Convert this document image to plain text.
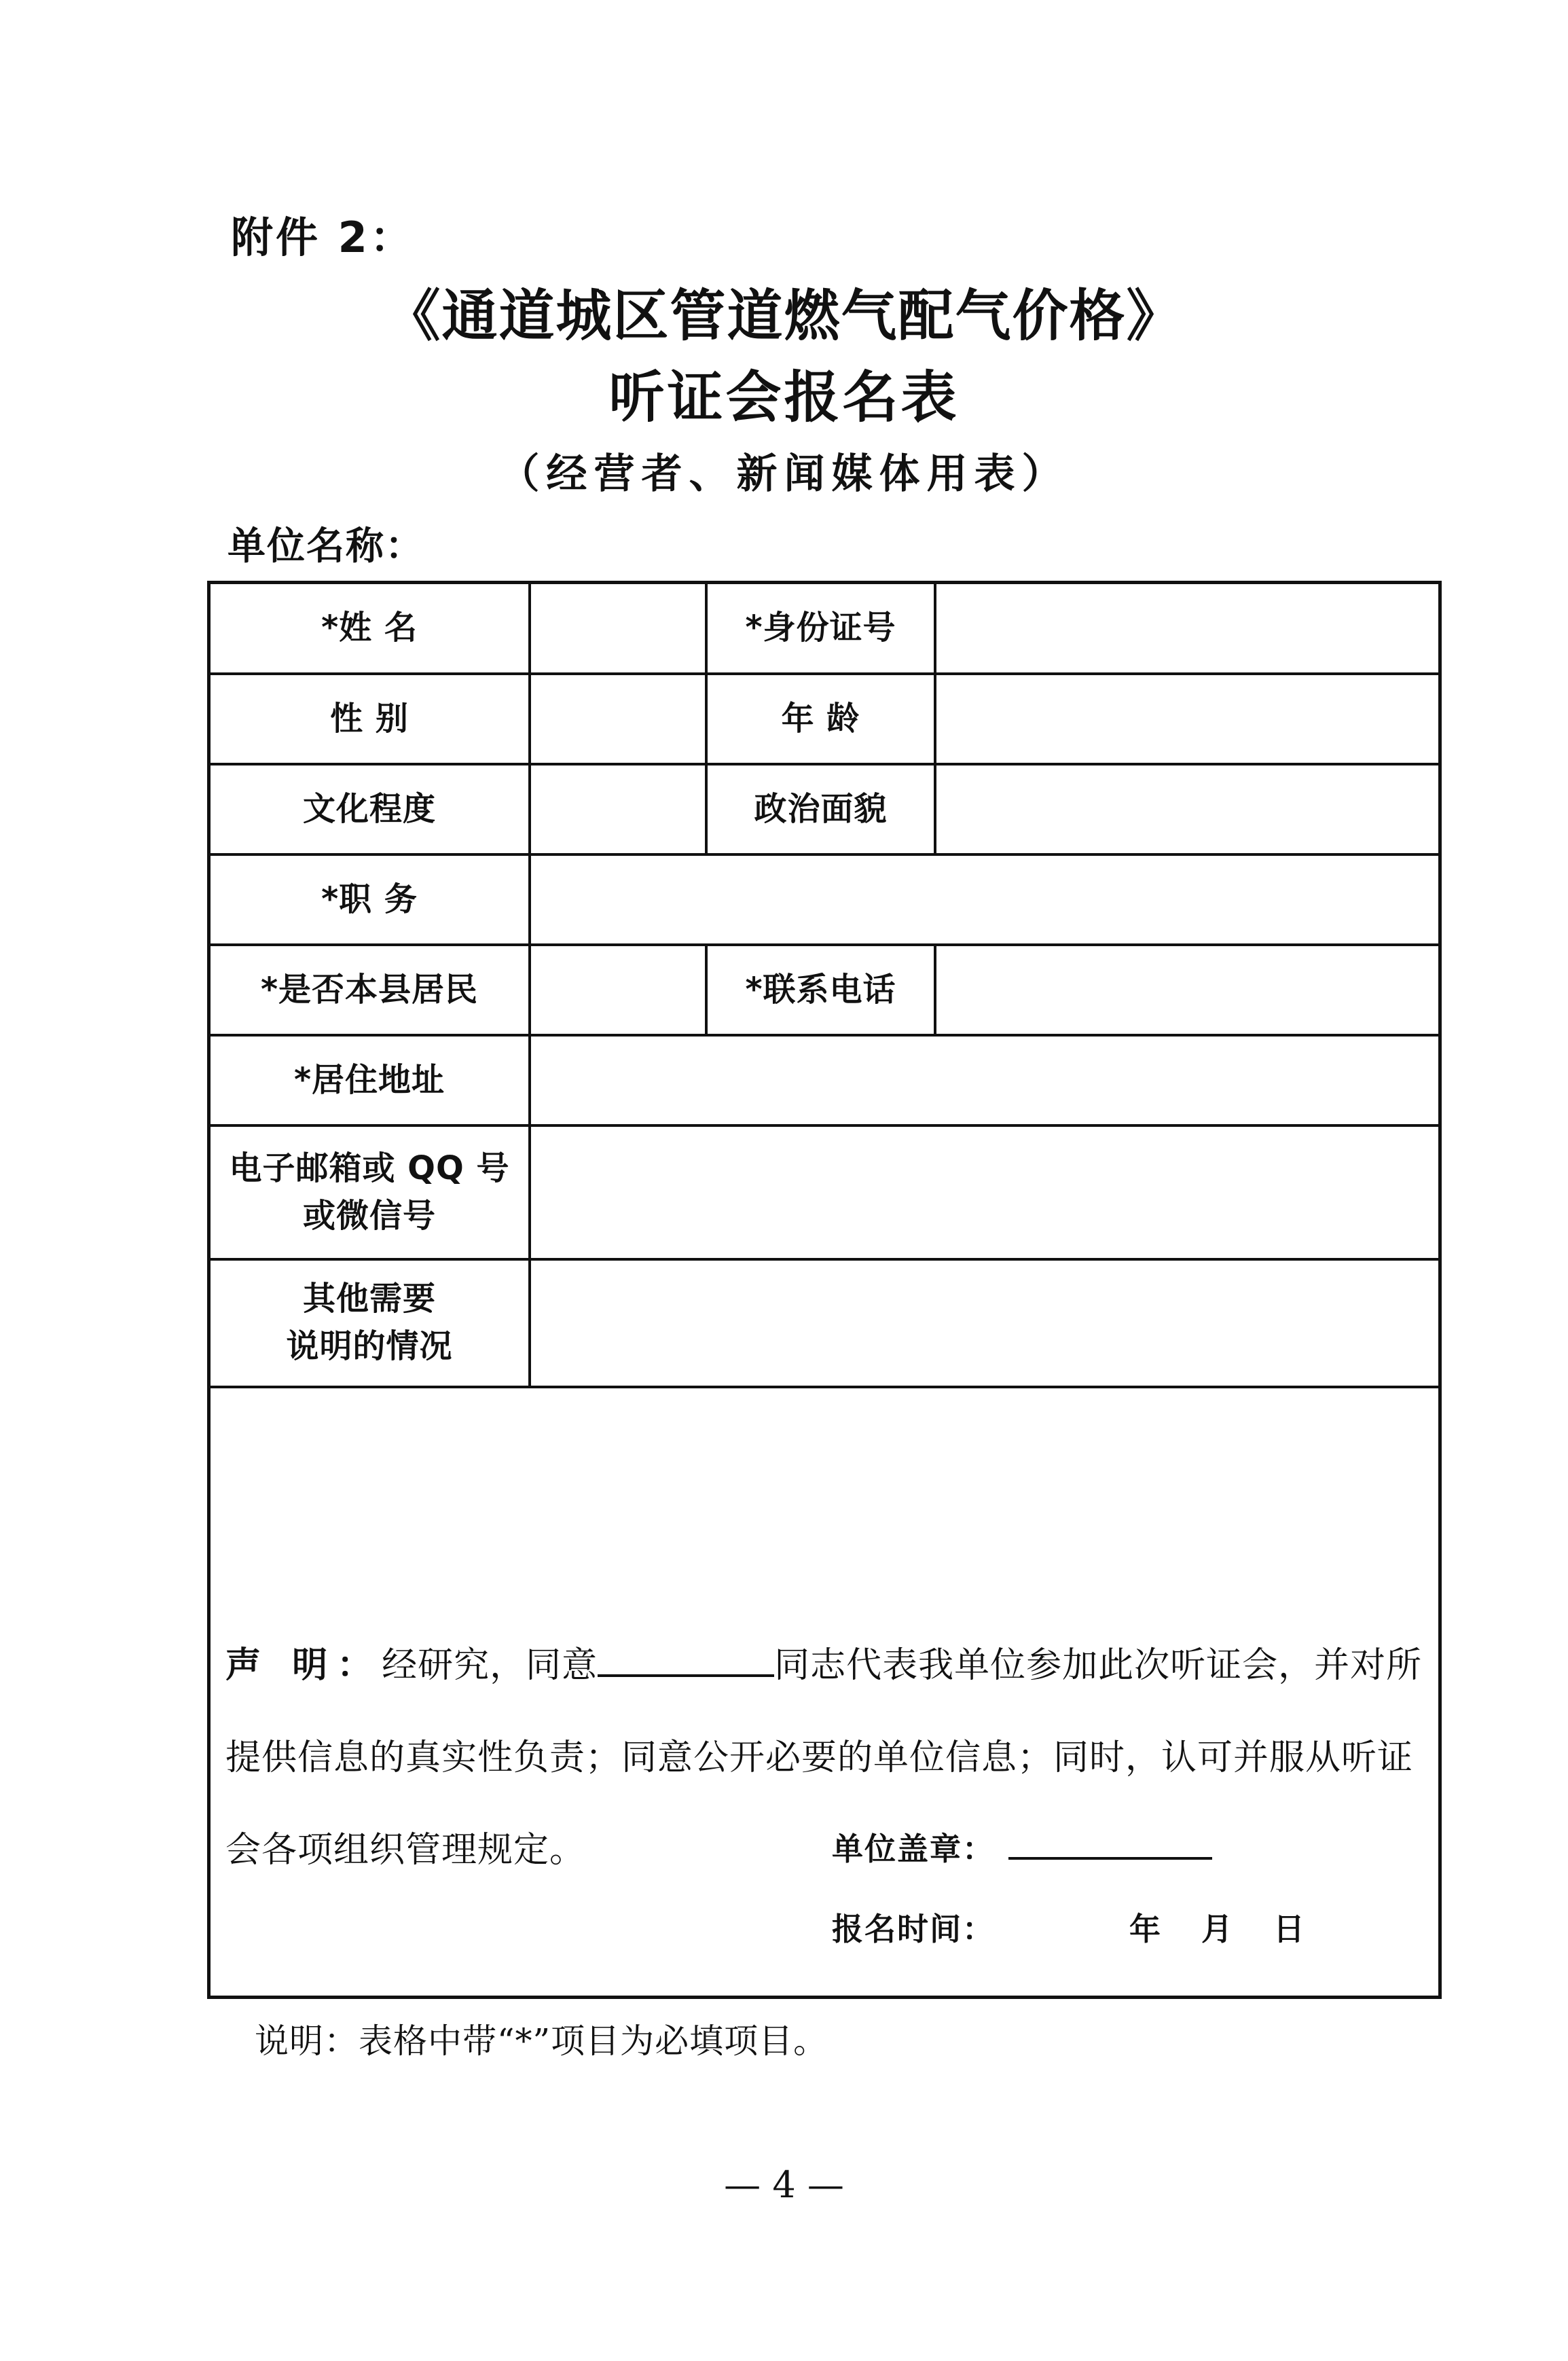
附件 2：
《通道城区管道燃气配气价格》
听证会报名表
（经营者、新闻媒体用表）
单位名称：
*姓 名	*身份证号
性 别	年 龄
文化程度	政治面貌
*职 务
*是否本县居民	*联系电话
*居住地址
电子邮箱或 QQ 号
或微信号
其他需要
说明的情况
声 明：经研究，同意	同志代表我单位参加此次听证会，并对所提供信息的真实性负责；同意公开必要的单位信息；同时，认可并服从听证会各项组织管理规定。	单位盖章：
报名时间：	年 月 日
说明：表格中带“*”项目为必填项目。
— 4 —
